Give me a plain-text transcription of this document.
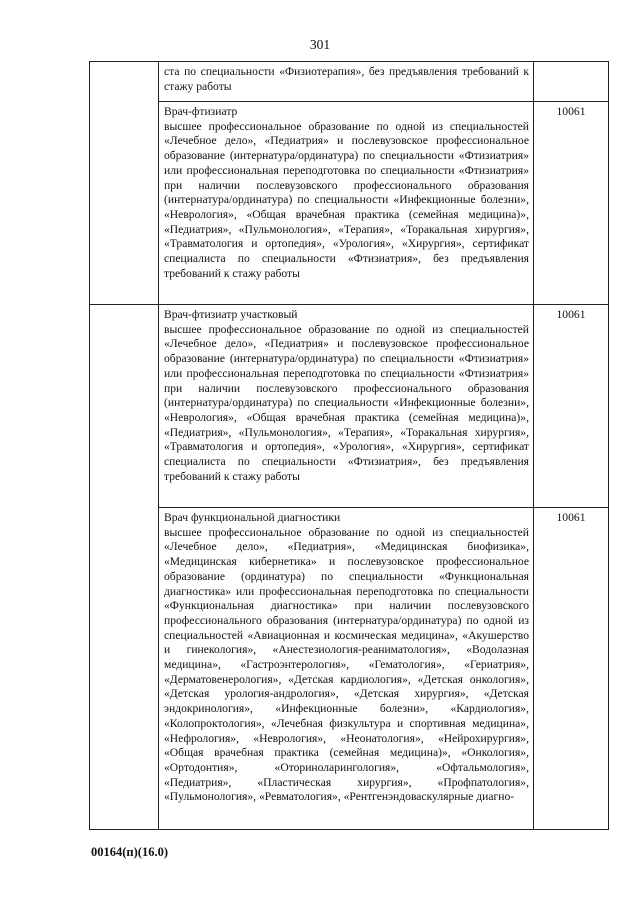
301

	ста по специальности «Физиотерапия», без предъявления требований к стажу работы	

	Врач-фтизиатр

высшее профессиональное образование по одной из специальностей «Лечебное дело», «Педиатрия» и послевузовское профессиональное образование (интернатура/ординатура) по специальности «Фтизиатрия» или профессиональная переподготовка по специальности «Фтизиатрия» при наличии послевузовского профессионального образования (интернатура/ординатура) по специальности «Инфекционные болезни», «Неврология», «Общая врачебная практика (семейная медицина)», «Педиатрия», «Пульмонология», «Терапия», «Торакальная хирургия», «Травматология и ортопедия», «Урология», «Хирургия», сертификат специалиста по специальности «Фтизиатрия», без предъявления требований к стажу работы	10061

	Врач-фтизиатр участковый

высшее профессиональное образование по одной из специальностей «Лечебное дело», «Педиатрия» и послевузовское профессиональное образование (интернатура/ординатура) по специальности «Фтизиатрия» или профессиональная переподготовка по специальности «Фтизиатрия» при наличии послевузовского профессионального образования (интернатура/ординатура) по специальности «Инфекционные болезни», «Неврология», «Общая врачебная практика (семейная медицина)», «Педиатрия», «Пульмонология», «Терапия», «Торакальная хирургия», «Травматология и ортопедия», «Урология», «Хирургия», сертификат специалиста по специальности «Фтизиатрия», без предъявления требований к стажу работы	10061

	Врач функциональной диагностики

высшее профессиональное образование по одной из специальностей «Лечебное дело», «Педиатрия», «Медицинская биофизика», «Медицинская кибернетика» и послевузовское профессиональное образование (ординатура) по специальности «Функциональная диагностика» или профессиональная переподготовка по специальности «Функциональная диагностика» при наличии послевузовского профессионального образования (интернатура/ординатура) по одной из специальностей «Авиационная и космическая медицина», «Акушерство и гинекология», «Анестезиология-реаниматология», «Водолазная медицина», «Гастроэнтерология», «Гематология», «Гериатрия», «Дерматовенерология», «Детская кардиология», «Детская онкология», «Детская урология-андрология», «Детская хирургия», «Детская эндокринология», «Инфекционные болезни», «Кардиология», «Колопроктология», «Лечебная физкультура и спортивная медицина», «Нефрология», «Неврология», «Неонатология», «Нейрохирургия», «Общая врачебная практика (семейная медицина)», «Онкология», «Ортодонтия», «Оториноларингология», «Офтальмология», «Педиатрия», «Пластическая хирургия», «Профпатология», «Пульмонология», «Ревматология», «Рентгенэндоваскулярные диагно-	10061
00164(п)(16.0)
